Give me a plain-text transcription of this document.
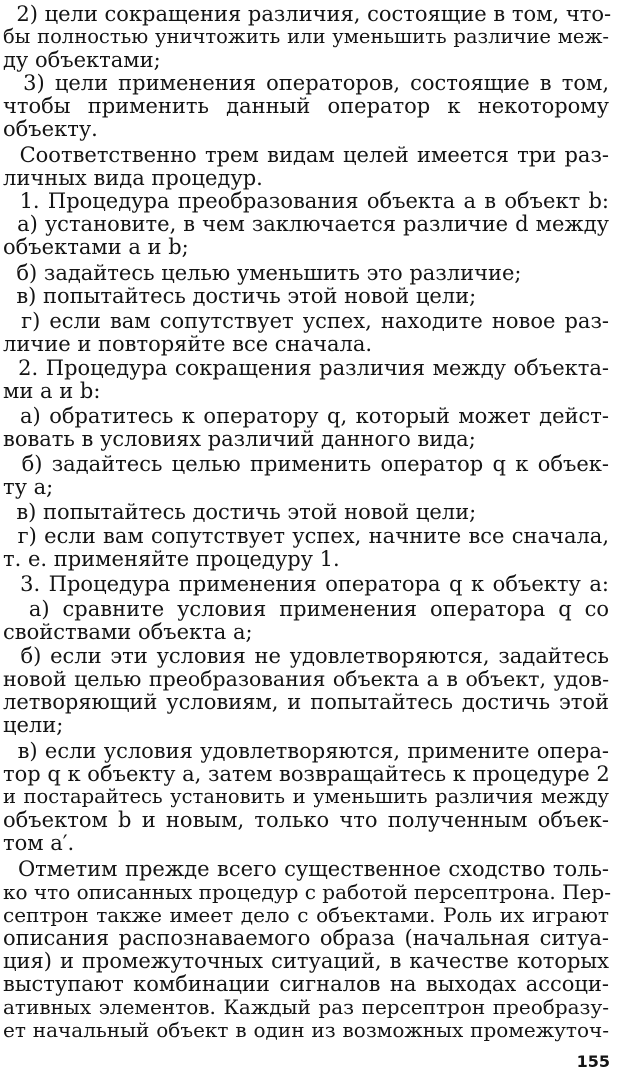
2) цели сокращения различия, состоящие в том, что-
бы полностью уничтожить или уменьшить различие меж-
ду объектами;
3) цели применения операторов, состоящие в том,
чтобы применить данный оператор к некоторому
объекту.
Соответственно трем видам целей имеется три раз-
личных вида процедур.
1. Процедура преобразования объекта a в объект b:
а) установите, в чем заключается различие d между
объектами a и b;
б) задайтесь целью уменьшить это различие;
в) попытайтесь достичь этой новой цели;
г) если вам сопутствует успех, находите новое раз-
личие и повторяйте все сначала.
2. Процедура сокращения различия между объекта-
ми a и b:
а) обратитесь к оператору q, который может дейст-
вовать в условиях различий данного вида;
б) задайтесь целью применить оператор q к объек-
ту a;
в) попытайтесь достичь этой новой цели;
г) если вам сопутствует успех, начните все сначала,
т. е. применяйте процедуру 1.
3. Процедура применения оператора q к объекту a:
а) сравните условия применения оператора q со
свойствами объекта a;
б) если эти условия не удовлетворяются, задайтесь
новой целью преобразования объекта a в объект, удов-
летворяющий условиям, и попытайтесь достичь этой
цели;
в) если условия удовлетворяются, примените опера-
тор q к объекту a, затем возвращайтесь к процедуре 2
и постарайтесь установить и уменьшить различия между
объектом b и новым, только что полученным объек-
том a′.
Отметим прежде всего существенное сходство толь-
ко что описанных процедур с работой персептрона. Пер-
септрон также имеет дело с объектами. Роль их играют
описания распознаваемого образа (начальная ситуа-
ция) и промежуточных ситуаций, в качестве которых
выступают комбинации сигналов на выходах ассоци-
ативных элементов. Каждый раз персептрон преобразу-
ет начальный объект в один из возможных промежуточ-
155
